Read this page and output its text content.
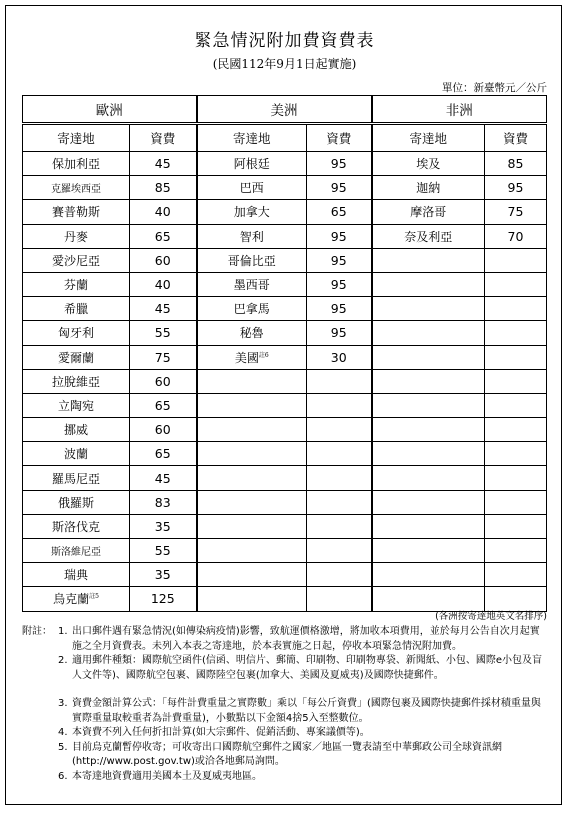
緊急情況附加費資費表
(民國112年9月1日起實施)
單位：新臺幣元／公斤
歐洲		美洲		非洲	
寄達地	資費	寄達地	資費	寄達地	資費
保加利亞	45	阿根廷	95	埃及	85
克羅埃西亞	85	巴西	95	迦納	95
賽普勒斯	40	加拿大	65	摩洛哥	75
丹麥	65	智利	95	奈及利亞	70
愛沙尼亞	60	哥倫比亞	95		
芬蘭	40	墨西哥	95		
希臘	45	巴拿馬	95		
匈牙利	55	秘魯	95		
愛爾蘭	75	美國$^{註6}$	30		
拉脫維亞	60				
立陶宛	65				
挪威	60				
波蘭	65				
羅馬尼亞	45				
俄羅斯	83				
斯洛伐克	35				
斯洛維尼亞	55				
瑞典	35				
烏克蘭$^{註5}$	125				
(各洲按寄達地英文名排序)
附註： 1. 出口郵件遇有緊急情況(如傳染病疫情)影響，致航運價格激增，將加收本項費用，並於每月公告自次月起實施之全月資費表。未列入本表之寄達地，於本表實施之日起，停收本項緊急情況附加費。
2. 適用郵件種類：國際航空函件(信函、明信片、郵簡、印刷物、印刷物專袋、新聞紙、小包、國際e小包及盲人文件等)、國際航空包裹、國際陸空包裹(加拿大、美國及夏威夷)及國際快捷郵件。
3. 資費金額計算公式：「每件計費重量之實際數」乘以「每公斤資費」(國際包裹及國際快捷郵件採材積重量與實際重量取較重者為計費重量)，小數點以下金額4捨5入至整數位。
4. 本資費不列入任何折扣計算(如大宗郵件、促銷活動、專案議價等)。
5. 目前烏克蘭暫停收寄；可收寄出口國際航空郵件之國家／地區一覽表請至中華郵政公司全球資訊網(http://www.post.gov.tw)或洽各地郵局詢問。
6. 本寄達地資費適用美國本土及夏威夷地區。
